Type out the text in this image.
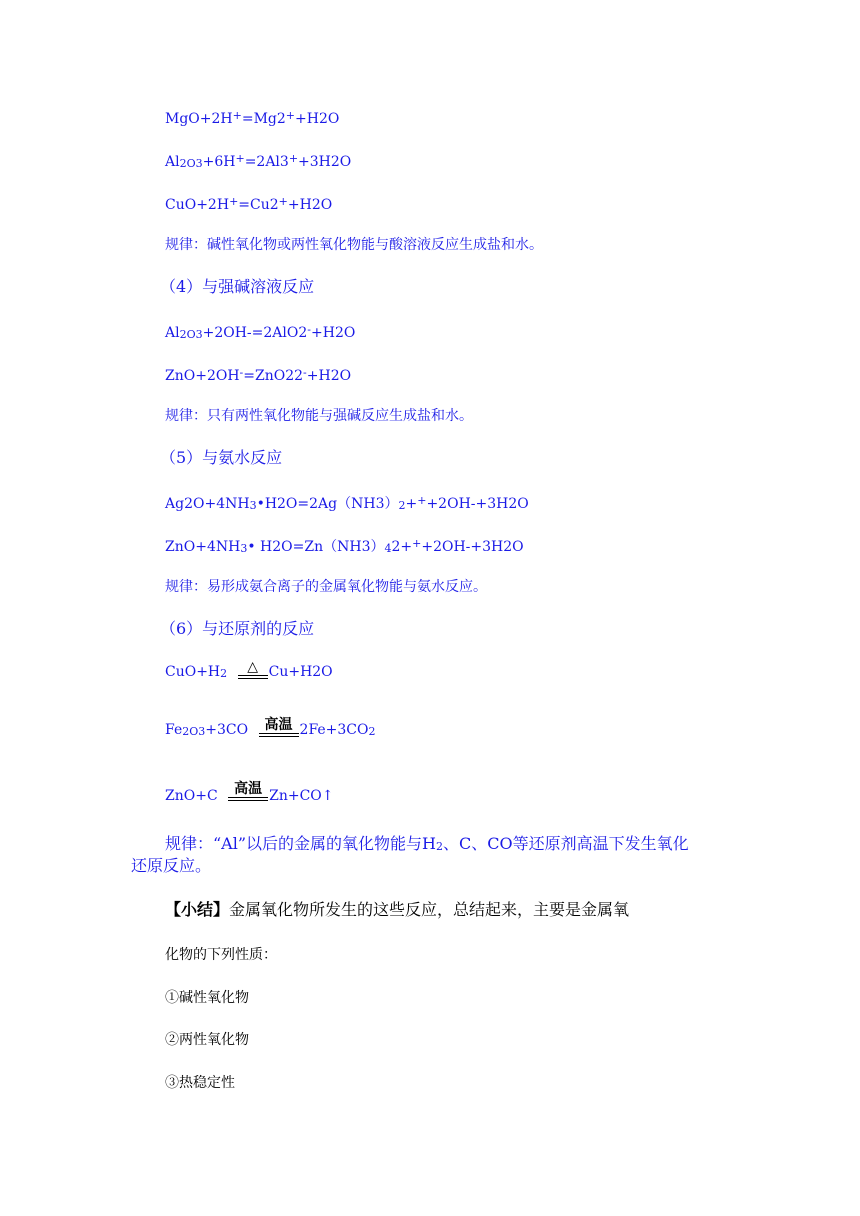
MgO+2H+=Mg2++H2O
Al2O3+6H+=2Al3++3H2O
CuO+2H+=Cu2++H2O
规律：碱性氧化物或两性氧化物能与酸溶液反应生成盐和水。
（4）与强碱溶液反应
Al2O3+2OH-=2AlO2-+H2O
ZnO+2OH-=ZnO22-+H2O
规律：只有两性氧化物能与强碱反应生成盐和水。
（5）与氨水反应
Ag2O+4NH3•H2O=2Ag（NH3）2+++2OH-+3H2O
ZnO+4NH3• H2O=Zn（NH3）42+++2OH-+3H2O
规律：易形成氨合离子的金属氧化物能与氨水反应。
（6）与还原剂的反应
CuO+H2	△ Cu+H2O
Fe2O3+3CO	高温 2Fe+3CO2
ZnO+C	高温 Zn+CO↑
规律：“Al”以后的金属的氧化物能与H2、C、CO等还原剂高温下发生氧化
还原反应。
【小结】金属氧化物所发生的这些反应，总结起来，主要是金属氧
化物的下列性质：
①碱性氧化物
②两性氧化物
③热稳定性
